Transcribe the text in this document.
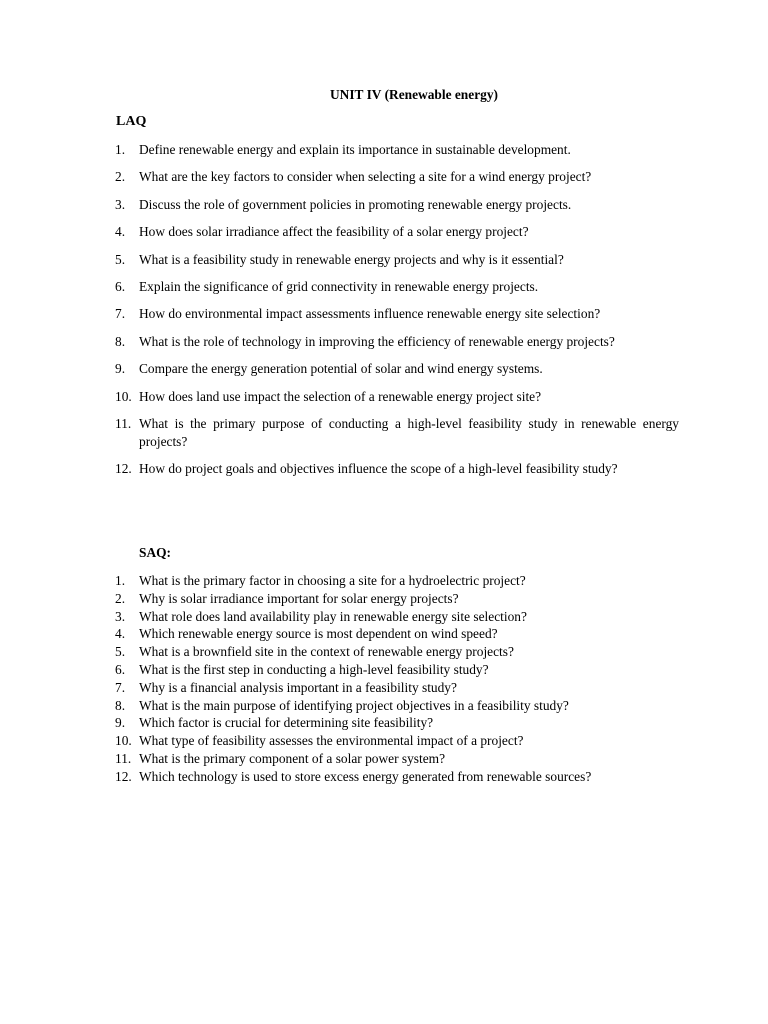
UNIT IV (Renewable energy)
LAQ
1. Define renewable energy and explain its importance in sustainable development.
2. What are the key factors to consider when selecting a site for a wind energy project?
3. Discuss the role of government policies in promoting renewable energy projects.
4. How does solar irradiance affect the feasibility of a solar energy project?
5. What is a feasibility study in renewable energy projects and why is it essential?
6. Explain the significance of grid connectivity in renewable energy projects.
7. How do environmental impact assessments influence renewable energy site selection?
8. What is the role of technology in improving the efficiency of renewable energy projects?
9. Compare the energy generation potential of solar and wind energy systems.
10. How does land use impact the selection of a renewable energy project site?
11. What is the primary purpose of conducting a high-level feasibility study in renewable energy projects?
12. How do project goals and objectives influence the scope of a high-level feasibility study?
SAQ:
1. What is the primary factor in choosing a site for a hydroelectric project?
2. Why is solar irradiance important for solar energy projects?
3. What role does land availability play in renewable energy site selection?
4. Which renewable energy source is most dependent on wind speed?
5. What is a brownfield site in the context of renewable energy projects?
6. What is the first step in conducting a high-level feasibility study?
7. Why is a financial analysis important in a feasibility study?
8. What is the main purpose of identifying project objectives in a feasibility study?
9. Which factor is crucial for determining site feasibility?
10. What type of feasibility assesses the environmental impact of a project?
11. What is the primary component of a solar power system?
12. Which technology is used to store excess energy generated from renewable sources?
